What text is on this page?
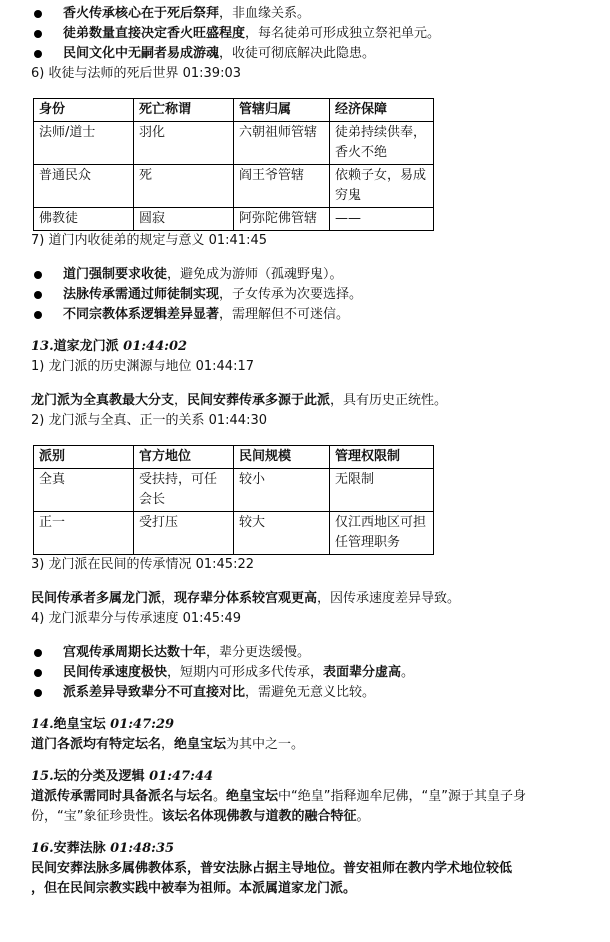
香火传承核心在于死后祭拜，非血缘关系。
徒弟数量直接决定香火旺盛程度，每名徒弟可形成独立祭祀单元。
民间文化中无嗣者易成游魂，收徒可彻底解决此隐患。
6) 收徒与法师的死后世界 01:39:03
身份	死亡称谓	管辖归属	经济保障
法师/道士	羽化	六朝祖师管辖	徒弟持续供奉，香火不绝
普通民众	死	阎王爷管辖	依赖子女，易成穷鬼
佛教徒	圆寂	阿弥陀佛管辖	——
7) 道门内收徒弟的规定与意义 01:41:45
道门强制要求收徒，避免成为游师（孤魂野鬼）。
法脉传承需通过师徒制实现，子女传承为次要选择。
不同宗教体系逻辑差异显著，需理解但不可迷信。
13.道家龙门派 01:44:02
1) 龙门派的历史渊源与地位 01:44:17
龙门派为全真教最大分支，民间安葬传承多源于此派，具有历史正统性。
2) 龙门派与全真、正一的关系 01:44:30
派别	官方地位	民间规模	管理权限制
全真	受扶持，可任会长	较小	无限制
正一	受打压	较大	仅江西地区可担任管理职务
3) 龙门派在民间的传承情况 01:45:22
民间传承者多属龙门派，现存辈分体系较宫观更高，因传承速度差异导致。
4) 龙门派辈分与传承速度 01:45:49
宫观传承周期长达数十年，辈分更迭缓慢。
民间传承速度极快，短期内可形成多代传承，表面辈分虚高。
派系差异导致辈分不可直接对比，需避免无意义比较。
14.绝皇宝坛 01:47:29
道门各派均有特定坛名，绝皇宝坛为其中之一。
15.坛的分类及逻辑 01:47:44
道派传承需同时具备派名与坛名。绝皇宝坛中“绝皇”指释迦牟尼佛，“皇”源于其皇子身份，“宝”象征珍贵性。该坛名体现佛教与道教的融合特征。
16.安葬法脉 01:48:35
民间安葬法脉多属佛教体系，普安法脉占据主导地位。普安祖师在教内学术地位较低
，但在民间宗教实践中被奉为祖师。本派属道家龙门派。
